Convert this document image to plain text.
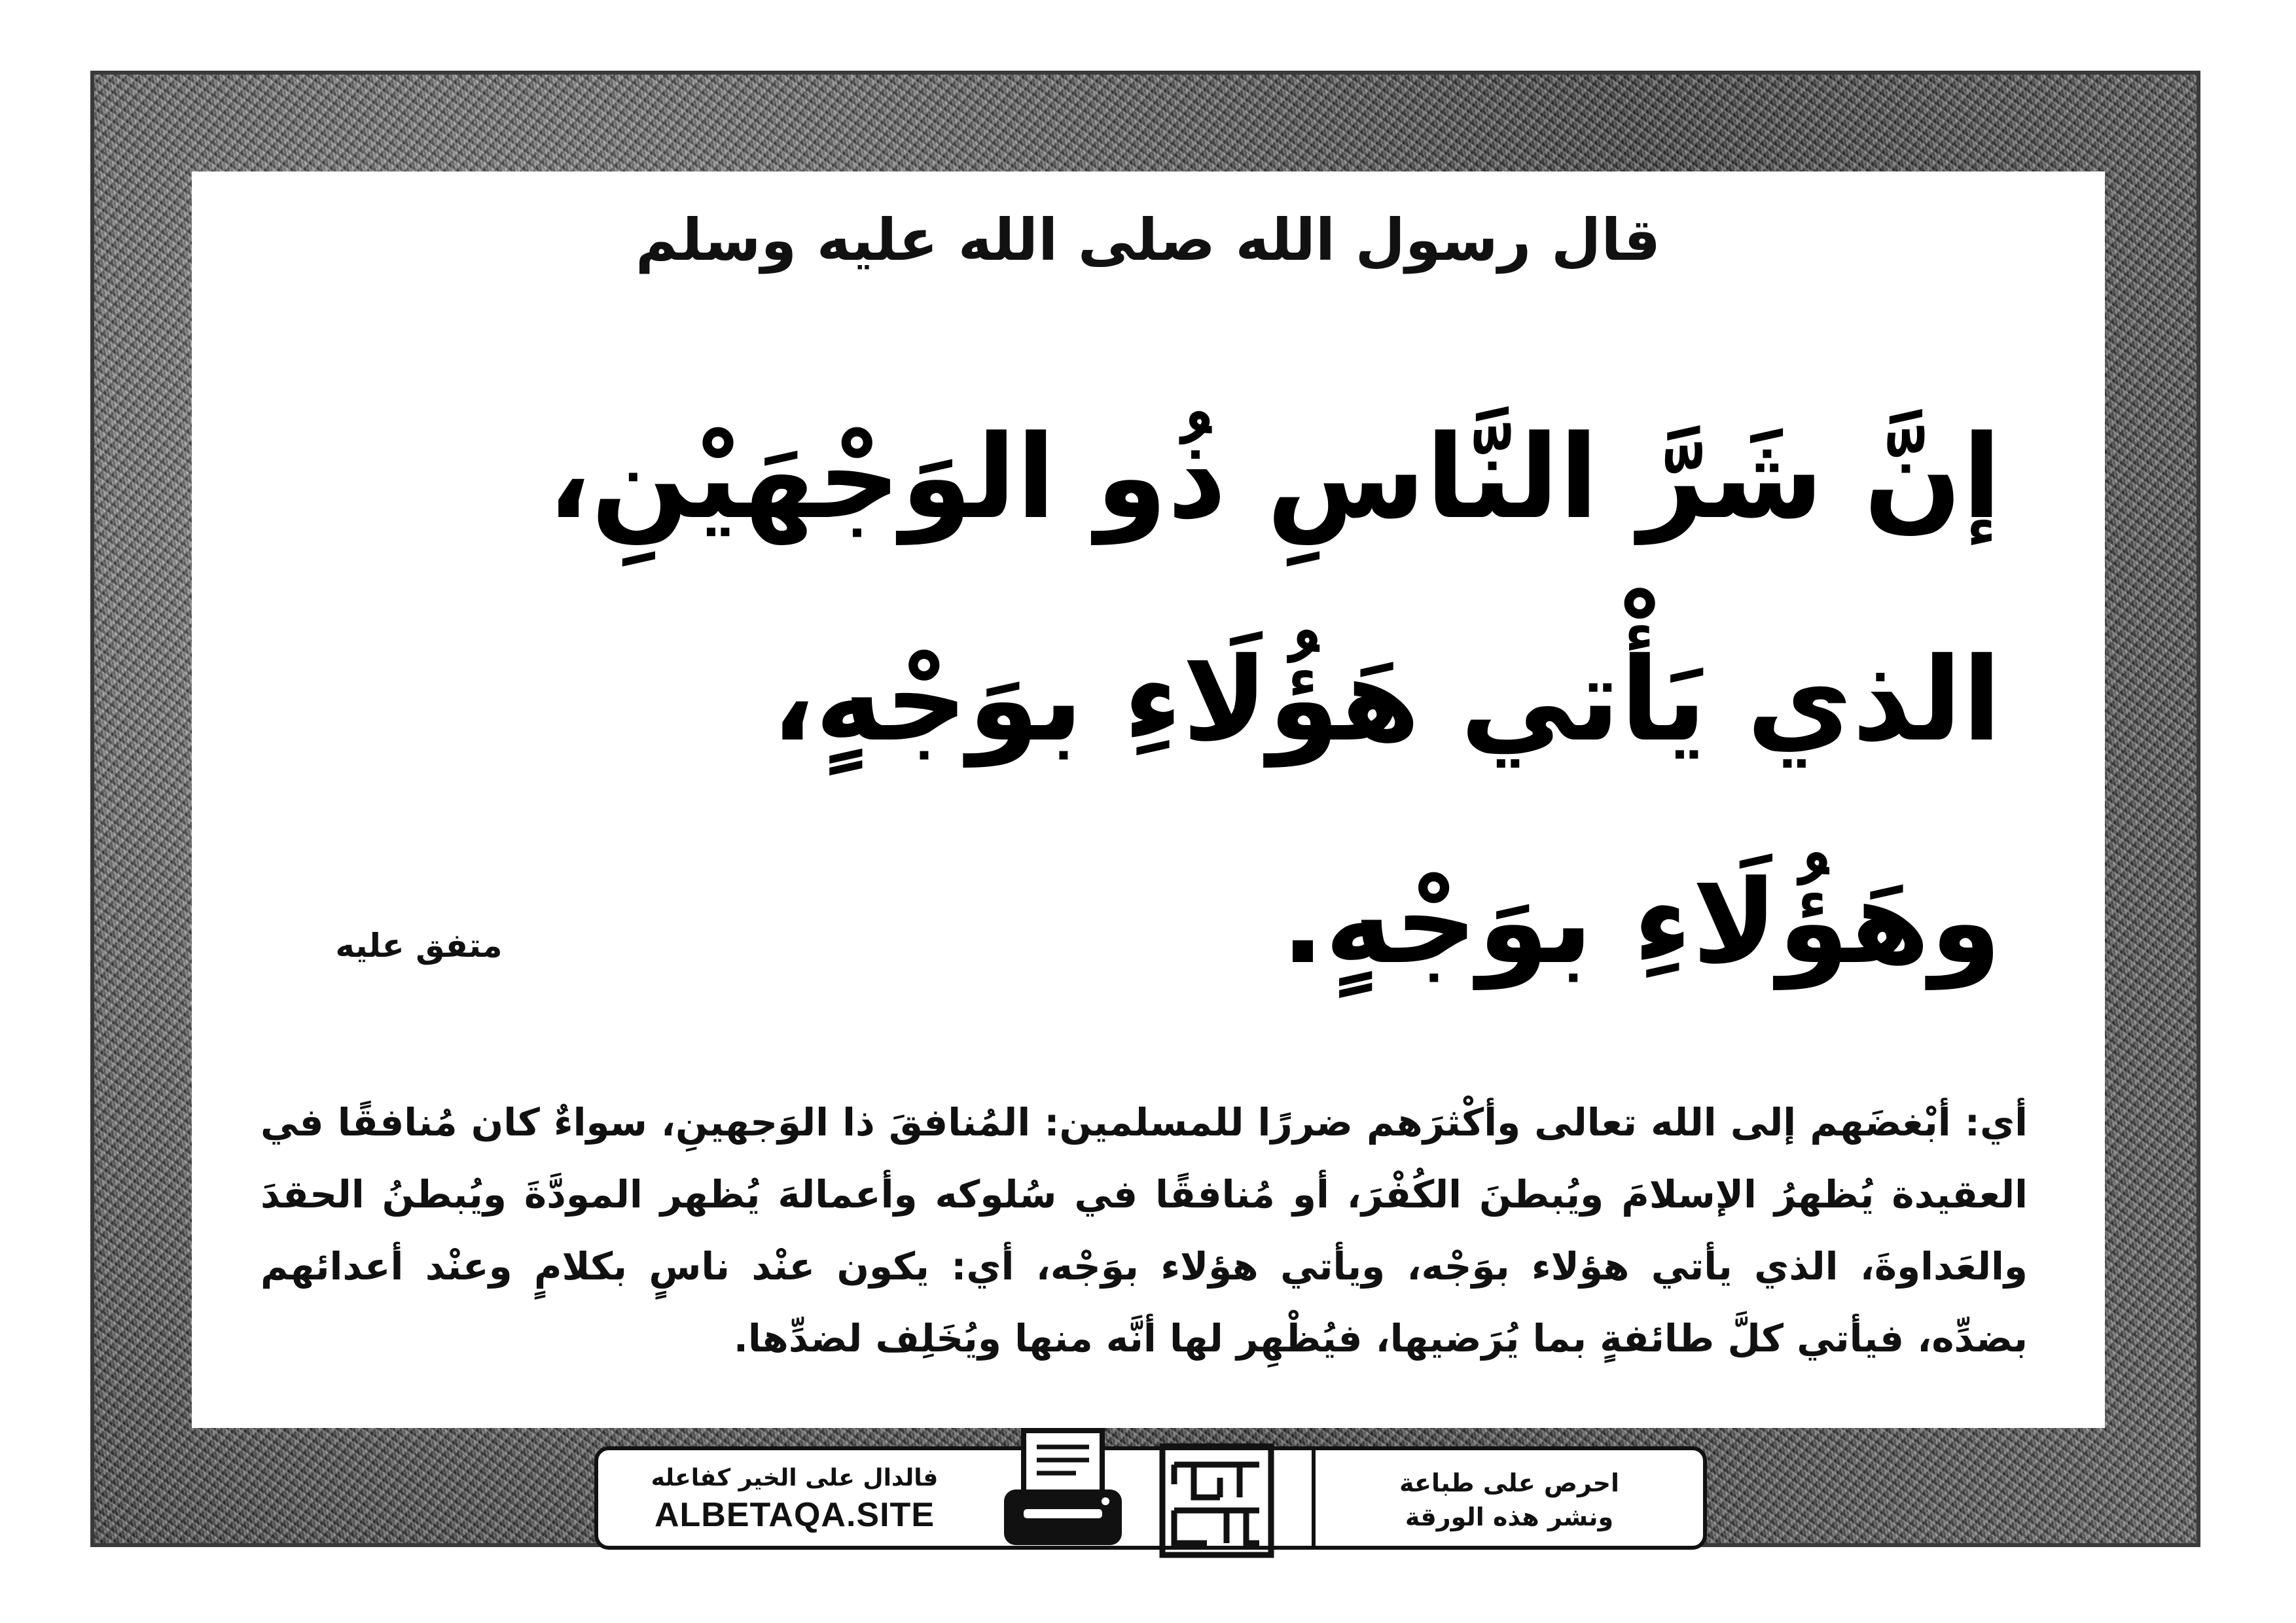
قال رسول الله صلى الله عليه وسلم
إنَّ شَرَّ النَّاسِ ذُو الوَجْهَيْنِ،
الذي يَأْتي هَؤُلَاءِ بوَجْهٍ،
وهَؤُلَاءِ بوَجْهٍ.
متفق عليه
أي: أبْغضَهم إلى الله تعالى وأكْثرَهم ضررًا للمسلمين: المُنافقَ ذا الوَجهينِ، سواءٌ كان مُنافقًا في العقيدة يُظهرُ الإسلامَ ويُبطنَ الكُفْرَ، أو مُنافقًا في سُلوكه وأعمالهَ يُظهر المودَّةَ ويُبطنُ الحقدَ والعَداوةَ، الذي يأتي هؤلاء بوَجْه، ويأتي هؤلاء بوَجْه، أي: يكون عنْد ناسٍ بكلامٍ وعنْد أعدائهم بضدِّه، فيأتي كلَّ طائفةٍ بما يُرَضيها، فيُظْهِر لها أنَّه منها ويُخَلِف لضدِّها.
فالدال على الخير كفاعله
ALBETAQA.SITE
احرص على طباعة
ونشر هذه الورقة
